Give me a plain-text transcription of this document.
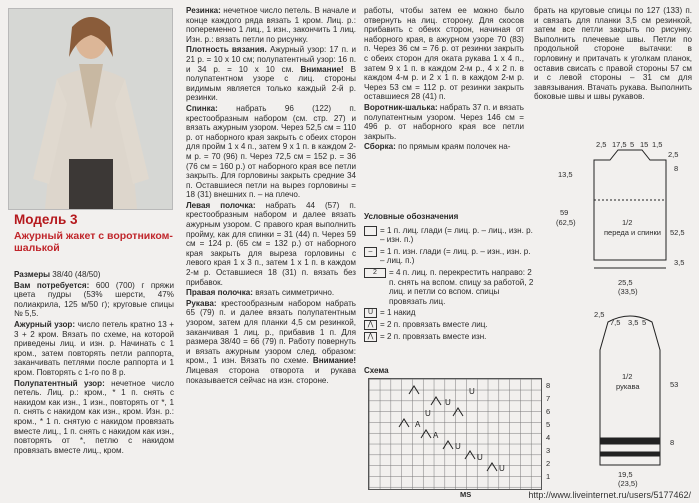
Модель 3

Ажурный жакет с воротником-шалькой

Размеры 38/40 (48/50)

Вам потребуется: 600 (700) г пряжи цвета пудры (53% шерсти, 47% полиакрила, 125 м/50 г); круговые спицы № 5,5.

Ажурный узор: число петель кратно 13 + 3 + 2 кром. Вязать по схеме, на которой приведены лиц. и изн. р. Начинать с 1 кром., затем повторять петли раппорта, заканчивать петлями после раппорта и 1 кром. Повторять с 1-го по 8 р.

Полупатентный узор: нечетное число петель. Лиц. р.: кром., * 1 п. снять с накидом как изн., 1 изн., повторять от *, 1 п. снять с накидом как изн., кром. Изн. р.: кром., * 1 п. снятую с накидом провязать вместе лиц., 1 п. снять с накидом как изн., повторять от *, петлю с накидом провязать вместе лиц., кром.

Резинка: нечетное число петель. В начале и конце каждого ряда вязать 1 кром. Лиц. р.: попеременно 1 лиц., 1 изн., закончить 1 лиц. Изн. р.: вязать петли по рисунку.

Плотность вязания. Ажурный узор: 17 п. и 21 р. = 10 х 10 см; полупатентный узор: 16 п. и 34 р. = 10 х 10 см. Внимание! В полупатентном узоре с лиц. стороны видимым является только каждый 2-й р. резинки.

Спинка: набрать 96 (122) п. крестообразным набором (см. стр. 27) и вязать ажурным узором. Через 52,5 см = 110 р. от наборного края закрыть с обеих сторон для пройм 1 х 4 п., затем 9 х 1 п. в каждом 2-м р. = 70 (96) п. Через 72,5 см = 152 р. = 36 (76 см = 160 р.) от наборного края все петли закрыть. Для горловины закрыть средние 34 п. Оставшиеся петли на вырез горловины = 18 (31) внешних п. – на плечо.

Левая полочка: набрать 44 (57) п. крестообразным набором и далее вязать ажурным узором. С правого края выполнить пройму, как для спинки = 31 (44) п. Через 59 см = 124 р. (65 см = 132 р.) от наборного края закрыть для выреза горловины с левого края 1 х 3 п., затем 1 х 1 п. в каждом 2-м р. Оставшиеся 18 (31) п. вязать без прибавок.

Правая полочка: вязать симметрично.

Рукава: крестообразным набором набрать 65 (79) п. и далее вязать полупатентным узором, затем для планки 4,5 см резинкой, заканчивая 1 лиц. р., прибавив 1 п. Для размера 38/40 = 66 (79) п. Работу повернуть и вязать ажурным узором след. образом: кром., 1 изн. Вязать по схеме. Внимание! Лицевая сторона отворота и рукава показывается сейчас на изн. стороне.

работы, чтобы затем ее можно было отвернуть на лиц. сторону. Для скосов прибавить с обеих сторон, начиная от наборного края, в ажурном узоре 70 (83) п. Через 36 см = 76 р. от резинки закрыть с обеих сторон для окатa рукава 1 х 4 п., затем 9 х 1 п. в каждом 2-м р., 4 х 2 п. в каждом 4-м р. и 2 х 1 п. в каждом 2-м р. Через 53 см = 112 р. от резинки закрыть оставшиеся 28 (41) п.

Воротник-шалька: набрать 37 п. и вязать полупатентным узором. Через 146 см = 496 р. от наборного края все петли закрыть.

Сборка: по прямым краям полочек на-

брать на круговые спицы по 127 (133) п. и связать для планки 3,5 см резинкой, затем все петли закрыть по рисунку. Выполнить плечевые швы. Петли по продольной стороне вытачки: в горловину и притачать к уголкам планок, оставив свисать с правой стороны 57 см и с левой стороны – 31 см для завязывания. Втачать рукава. Выполнить боковые швы и швы рукавов.

Условные обозначения

= 1 п. лиц. глади (= лиц. р. – лиц., изн. р. – изн. п.)
– = 1 п. изн. глади (= лиц. р. – изн., изн. р. – лиц. п.)
2	= 4 п. лиц. п. перекрестить направо: 2 п. снять на вспом. спицу за работой, 2 лиц. и петли со вспом. спицы провязать лиц.
U = 1 накид
⋀ = 2 п. провязать вместе лиц.
⋀ = 2 п. провязать вместе изн.
Схема
U
U
U
A
A
U
U
U
8
7
6
5
4
3
2
1
MS
2,5 17,5 5 15 1,5
2,5
8
13,5
59
(62,5)
52,5
1/2
переда и спинки
25,5
(33,5)
3,5
2,5
7,5 3,5 5
1/2
рукава	53
8
19,5
(23,5)
http://www.liveinternet.ru/users/5177462/
